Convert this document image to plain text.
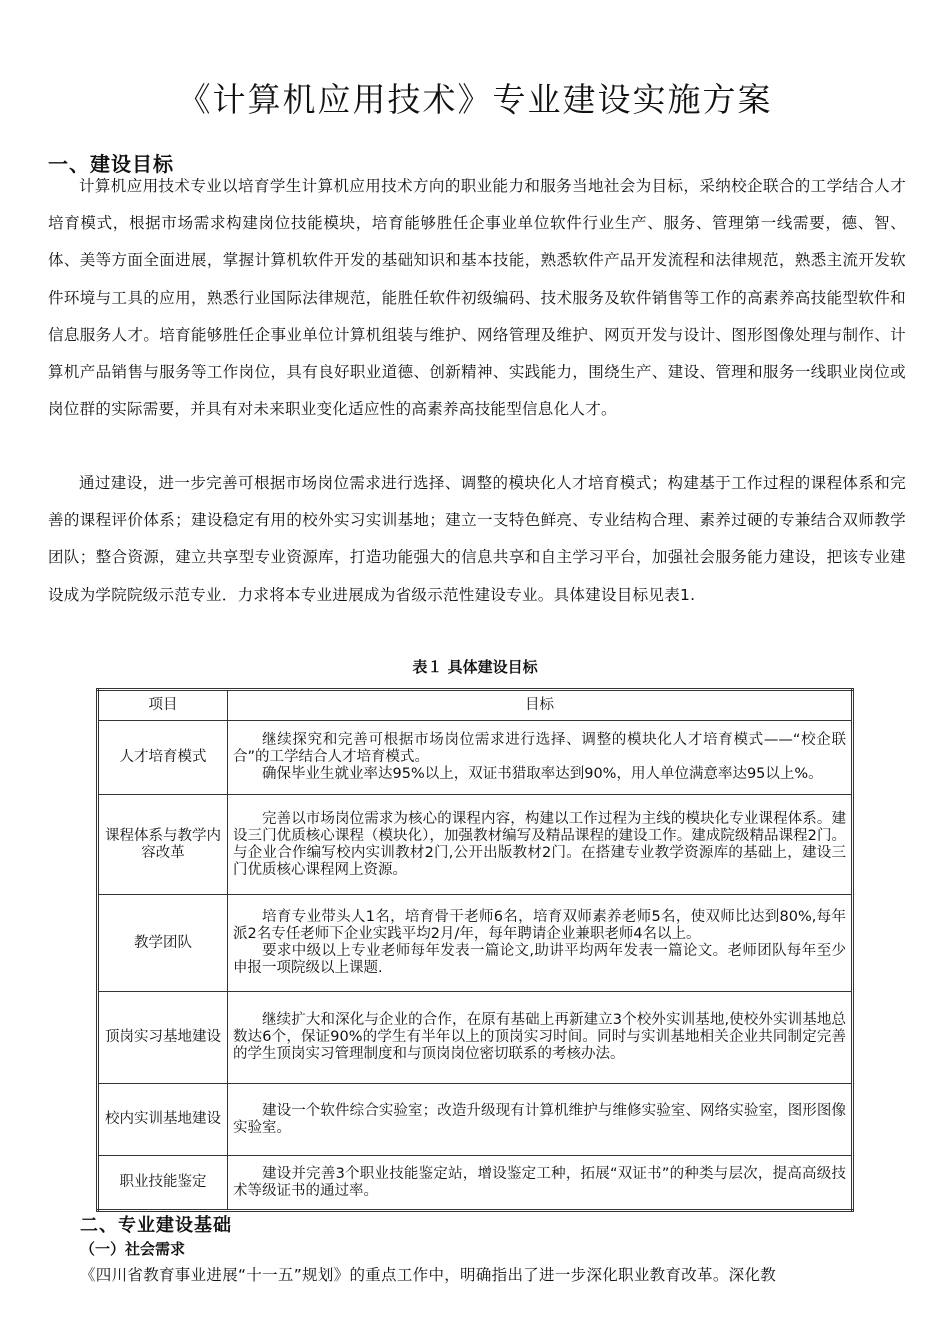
《计算机应用技术》专业建设实施方案
一、建设目标

计算机应用技术专业以培育学生计算机应用技术方向的职业能力和服务当地社会为目标，采纳校企联合的工学结合人才培育模式，根据市场需求构建岗位技能模块，培育能够胜任企事业单位软件行业生产、服务、管理第一线需要，德、智、体、美等方面全面进展，掌握计算机软件开发的基础知识和基本技能，熟悉软件产品开发流程和法律规范，熟悉主流开发软件环境与工具的应用，熟悉行业国际法律规范，能胜任软件初级编码、技术服务及软件销售等工作的高素养高技能型软件和信息服务人才。培育能够胜任企事业单位计算机组装与维护、网络管理及维护、网页开发与设计、图形图像处理与制作、计算机产品销售与服务等工作岗位，具有良好职业道德、创新精神、实践能力，围绕生产、建设、管理和服务一线职业岗位或岗位群的实际需要，并具有对未来职业变化适应性的高素养高技能型信息化人才。

通过建设，进一步完善可根据市场岗位需求进行选择、调整的模块化人才培育模式；构建基于工作过程的课程体系和完善的课程评价体系；建设稳定有用的校外实习实训基地；建立一支特色鲜亮、专业结构合理、素养过硬的专兼结合双师教学团队；整合资源，建立共享型专业资源库，打造功能强大的信息共享和自主学习平台，加强社会服务能力建设，把该专业建设成为学院院级示范专业．力求将本专业进展成为省级示范性建设专业。具体建设目标见表1.

表１ 具体建设目标
项目	目标
人才培育模式	继续探究和完善可根据市场岗位需求进行选择、调整的模块化人才培育模式——“校企联合”的工学结合人才培育模式。

确保毕业生就业率达95%以上，双证书猎取率达到90%，用人单位满意率达95以上%。

课程体系与教学内容改革	完善以市场岗位需求为核心的课程内容，构建以工作过程为主线的模块化专业课程体系。建设三门优质核心课程（模块化），加强教材编写及精品课程的建设工作。建成院级精品课程2门。与企业合作编写校内实训教材2门,公开出版教材2门。在搭建专业教学资源库的基础上，建设三门优质核心课程网上资源。

教学团队	培育专业带头人1名，培育骨干老师6名，培育双师素养老师5名，使双师比达到80%,每年派2名专任老师下企业实践平均2月/年，每年聘请企业兼职老师4名以上。

要求中级以上专业老师每年发表一篇论文,助讲平均两年发表一篇论文。老师团队每年至少申报一项院级以上课题.

顶岗实习基地建设	继续扩大和深化与企业的合作，在原有基础上再新建立3个校外实训基地,使校外实训基地总数达6个，保证90%的学生有半年以上的顶岗实习时间。同时与实训基地相关企业共同制定完善的学生顶岗实习管理制度和与顶岗岗位密切联系的考核办法。

校内实训基地建设	建设一个软件综合实验室；改造升级现有计算机维护与维修实验室、网络实验室，图形图像实验室。

职业技能鉴定	建设并完善3个职业技能鉴定站，增设鉴定工种，拓展“双证书”的种类与层次，提高高级技术等级证书的通过率。

二、专业建设基础
（一）社会需求

《四川省教育事业进展“十一五”规划》的重点工作中，明确指出了进一步深化职业教育改革。深化教
